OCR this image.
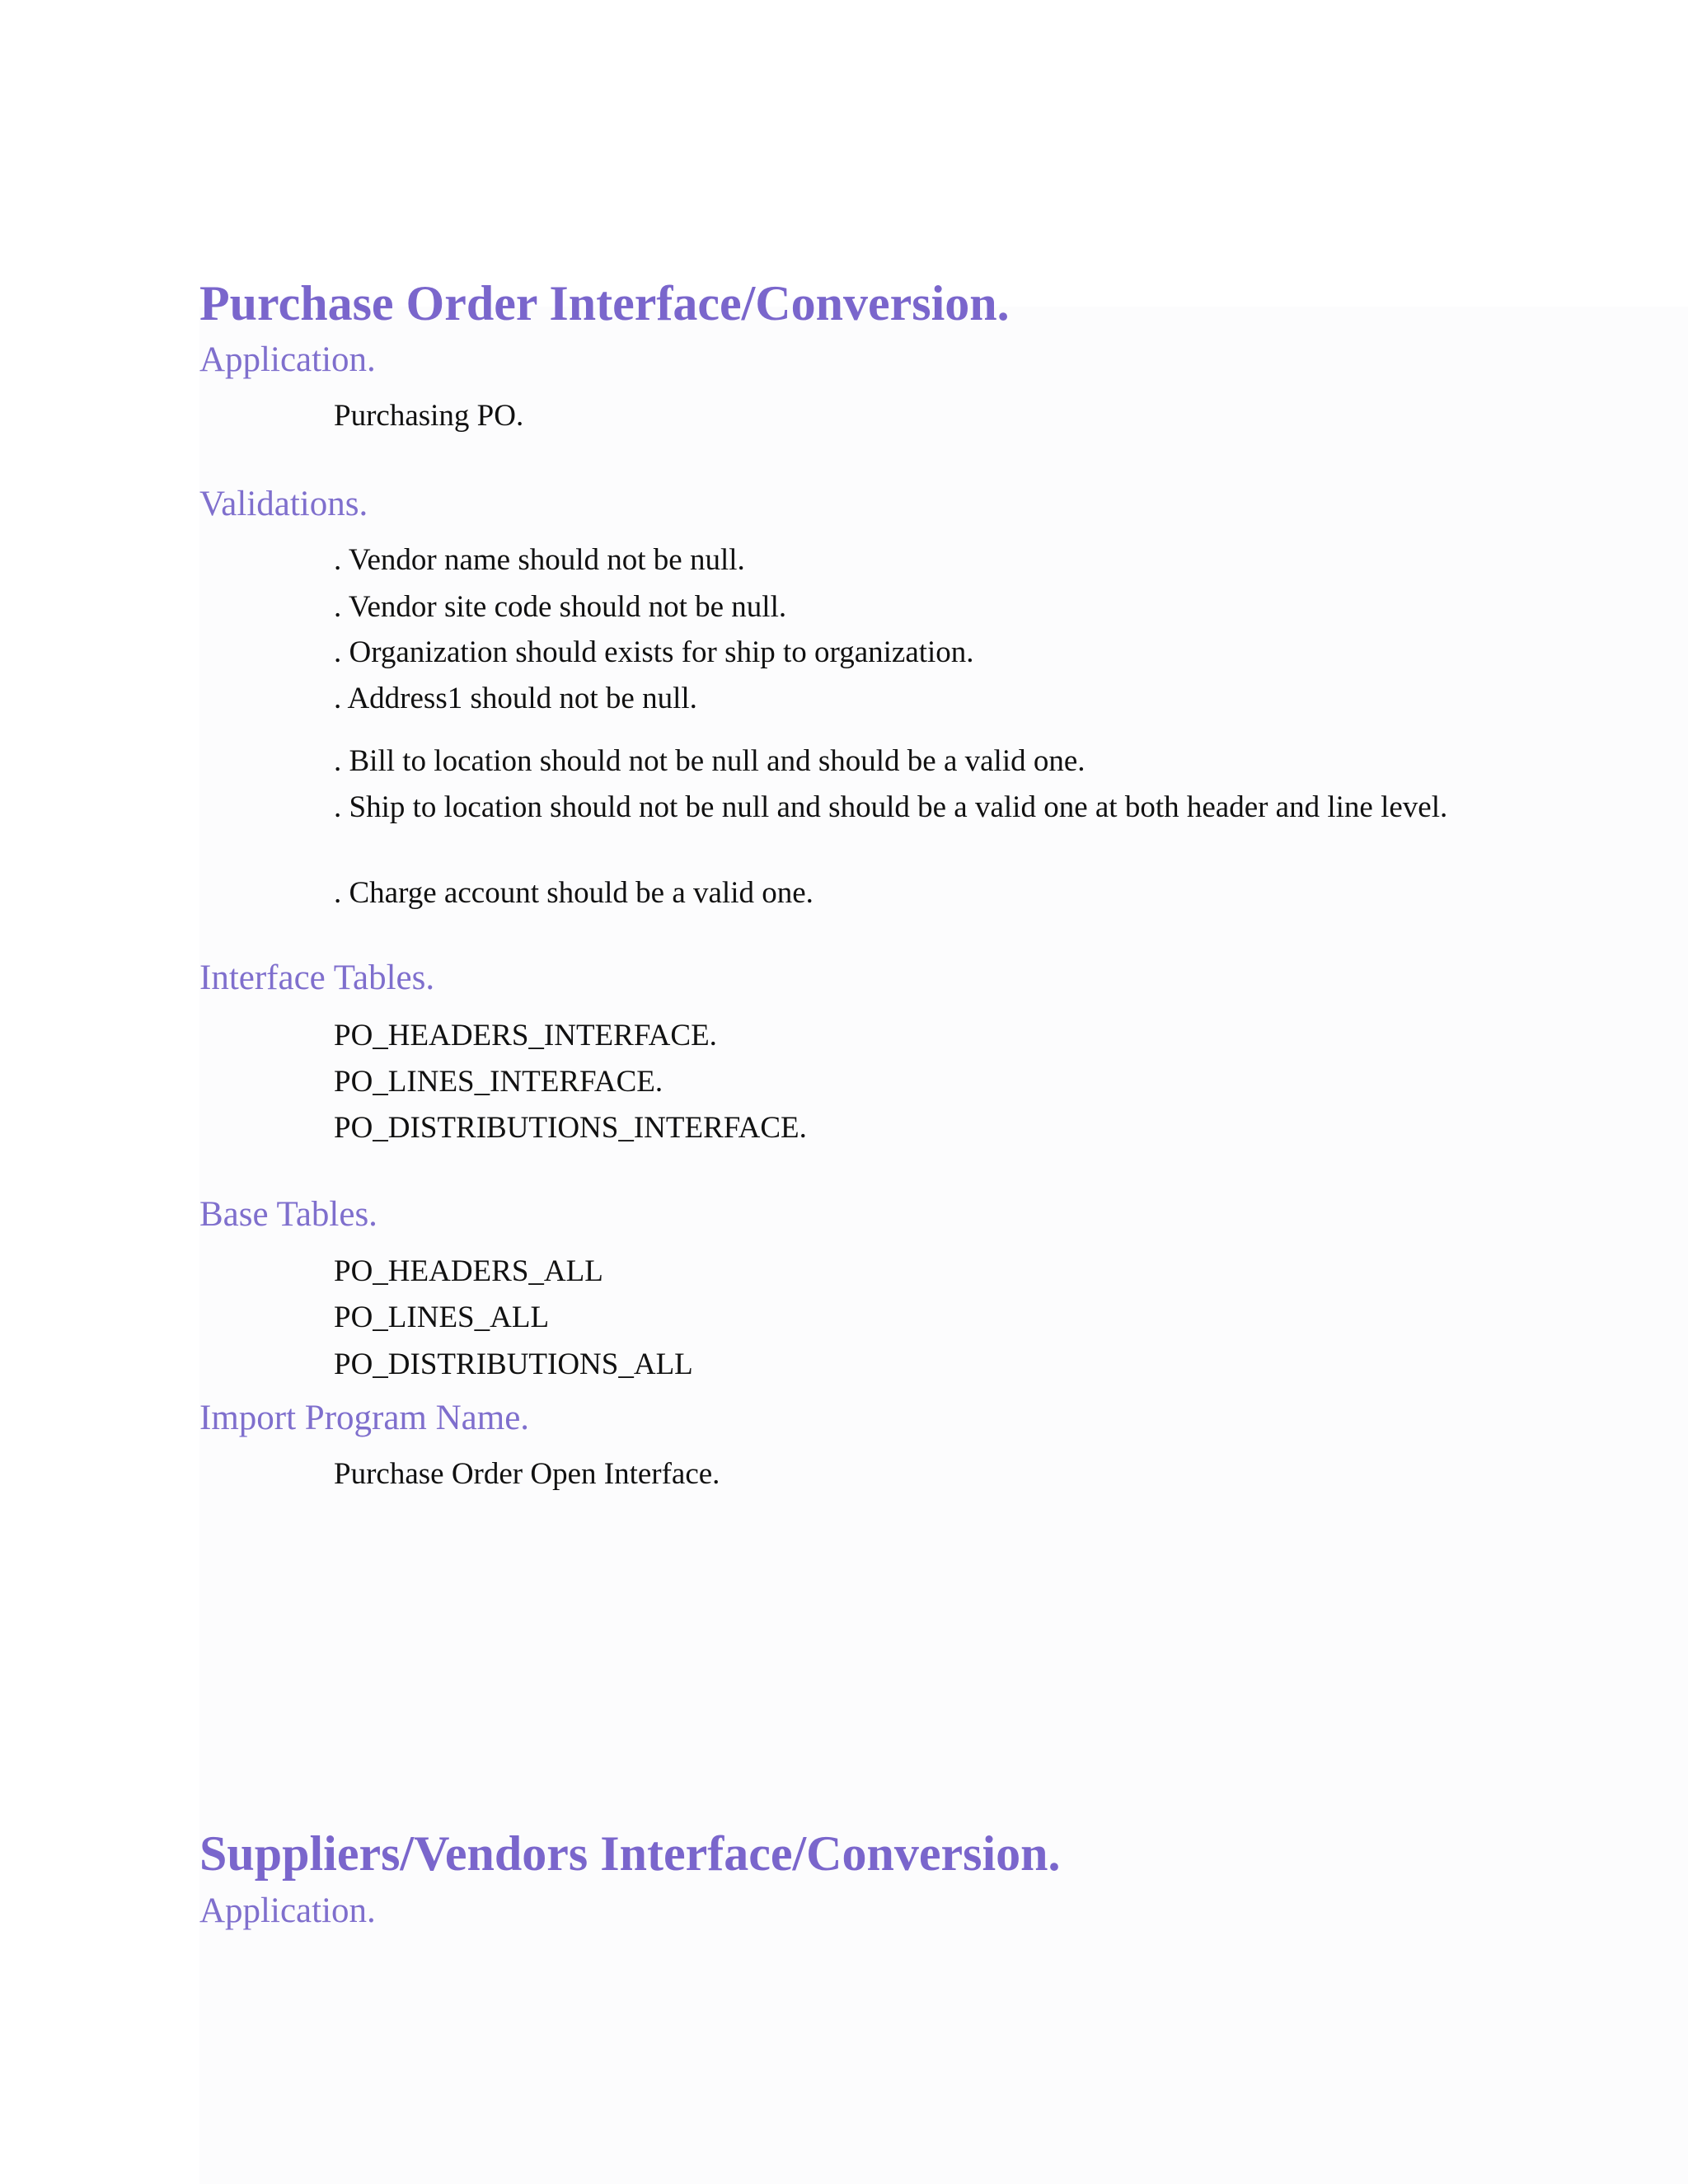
Purchase Order Interface/Conversion.
Application.

Purchasing PO.

Validations.

. Vendor name should not be null.

. Vendor site code should not be null.

. Organization should exists for ship to organization.

. Address1 should not be null.

. Bill to location should not be null and should be a valid one.

. Ship to location should not be null and should be a valid one at both header and line level.

. Charge account should be a valid one.

Interface Tables.

PO_HEADERS_INTERFACE.

PO_LINES_INTERFACE.

PO_DISTRIBUTIONS_INTERFACE.

Base Tables.

PO_HEADERS_ALL

PO_LINES_ALL

PO_DISTRIBUTIONS_ALL

Import Program Name.

Purchase Order Open Interface.

Suppliers/Vendors Interface/Conversion.
Application.
